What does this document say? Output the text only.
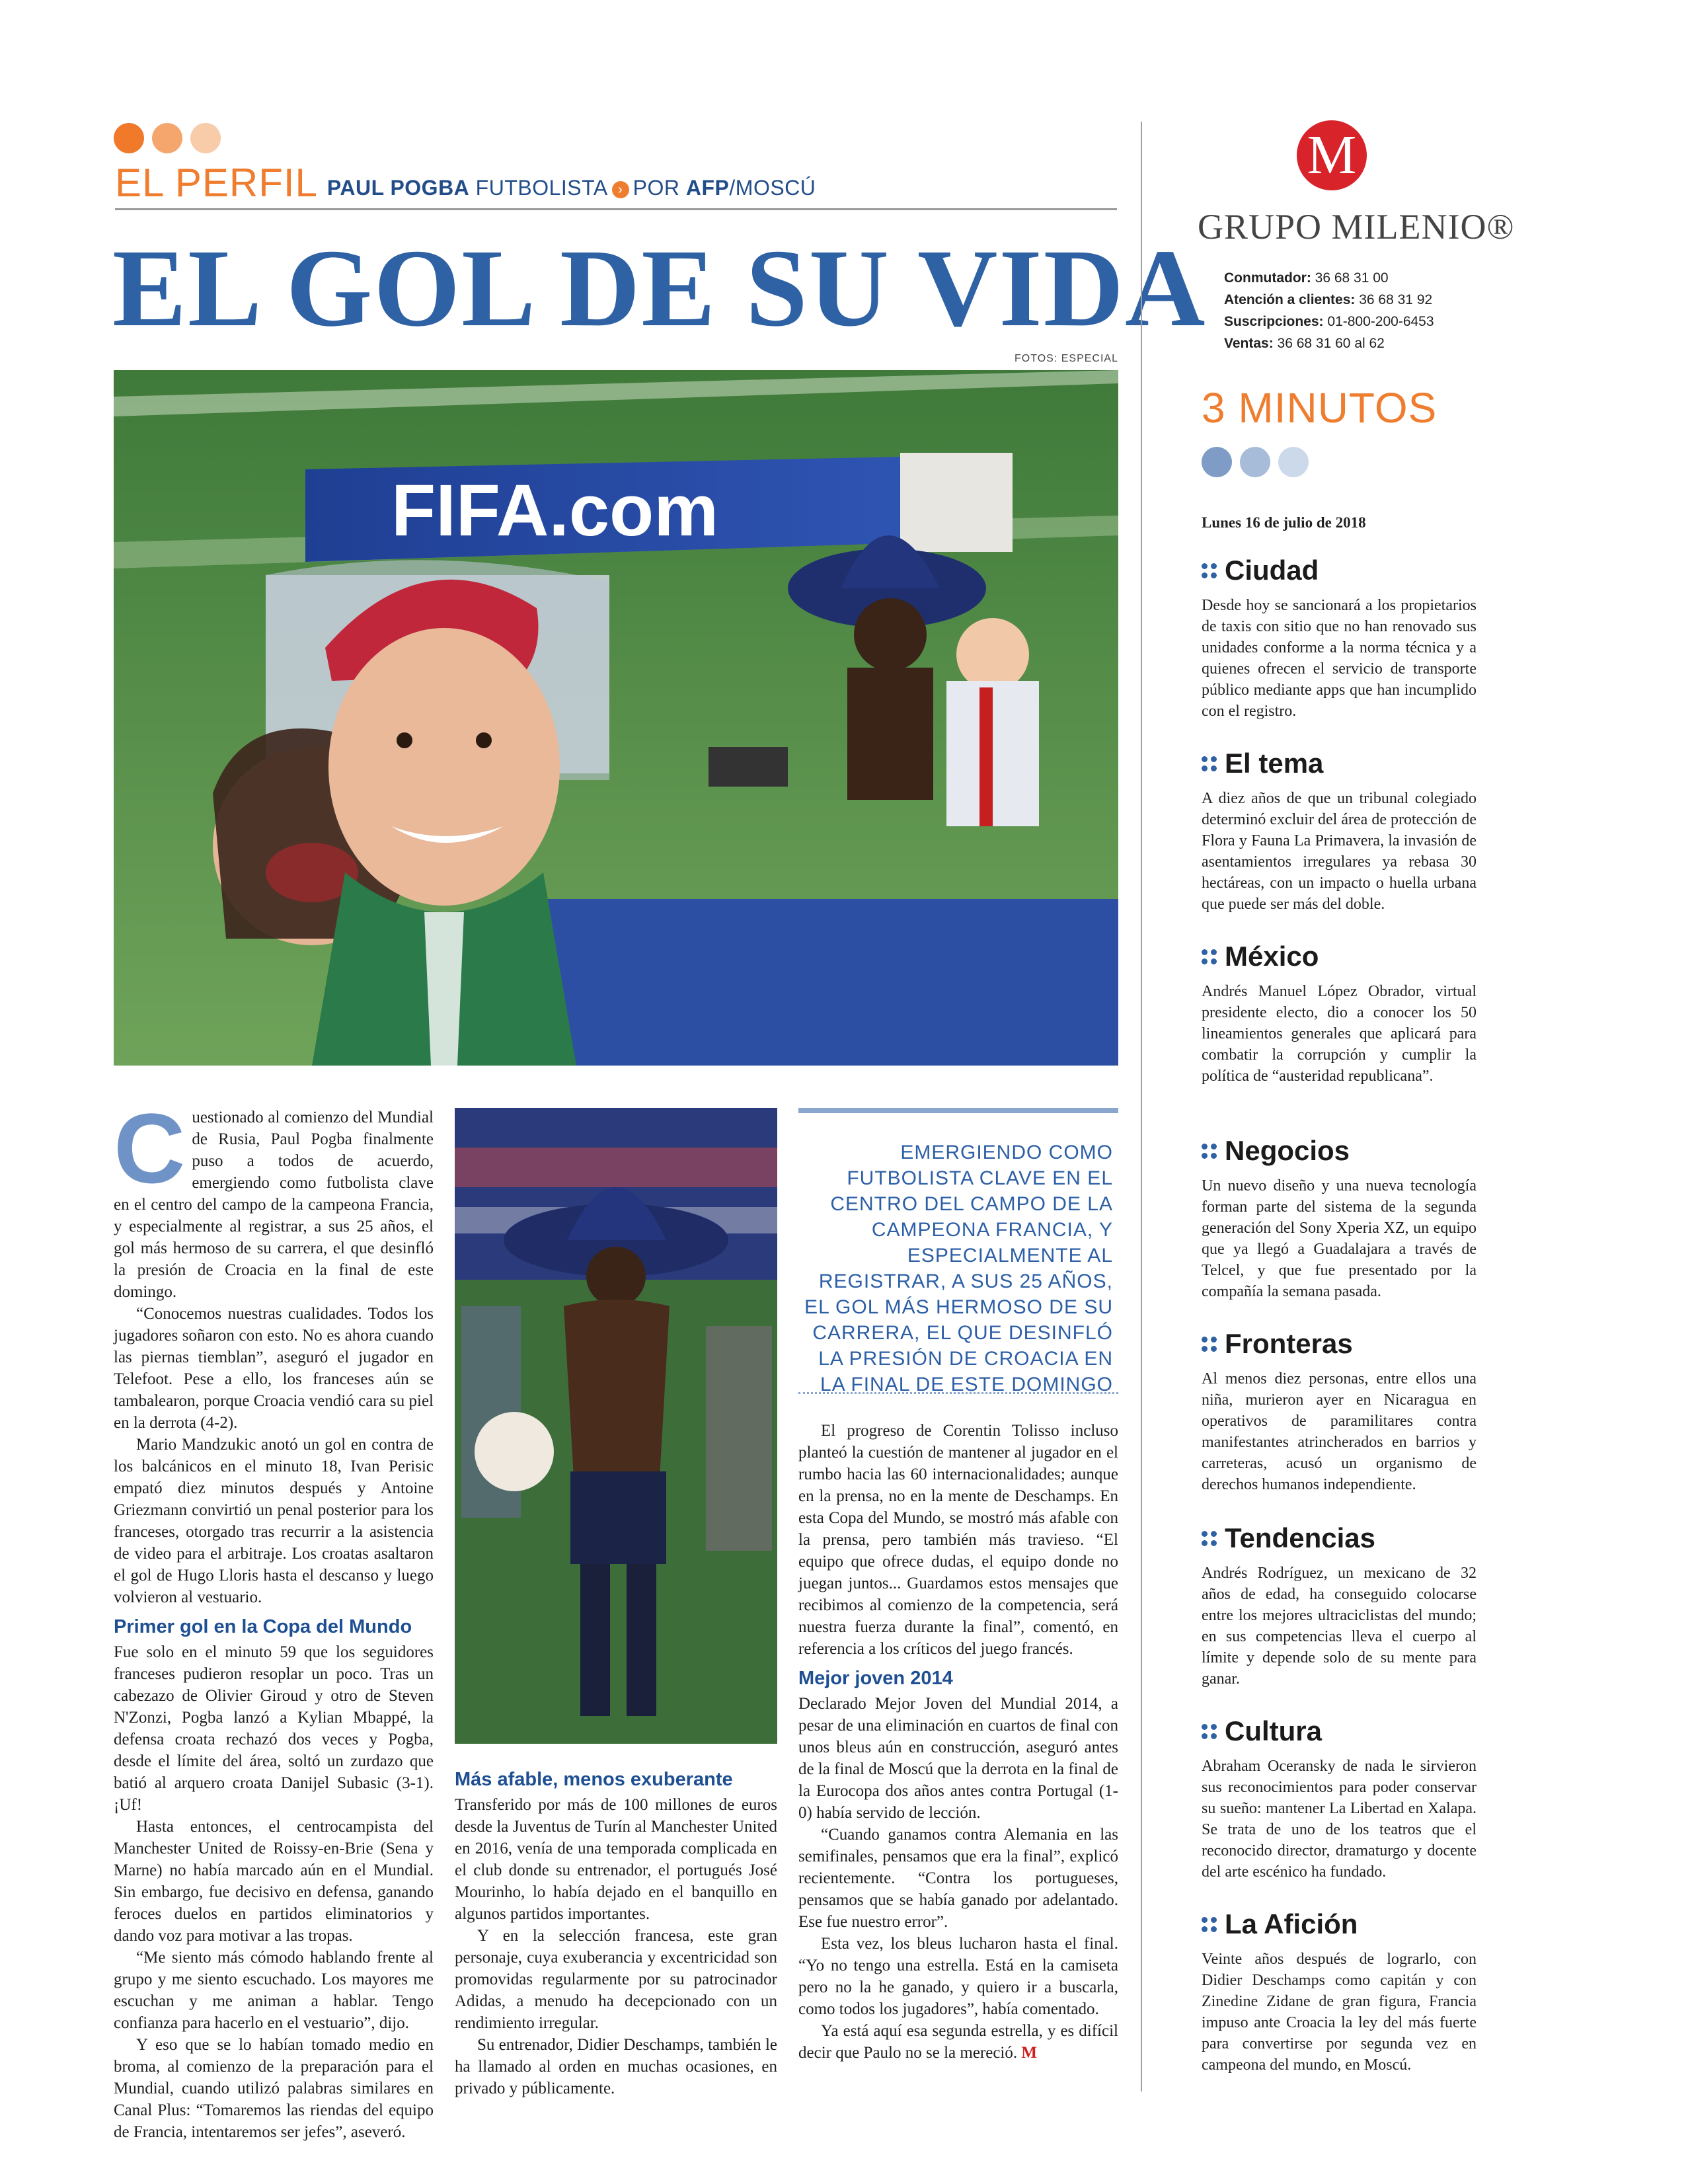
EL PERFIL PAUL POGBA FUTBOLISTA › POR AFP/MOSCÚ
EL GOL DE SU VIDA
FOTOS: ESPECIAL
FIFA.com

Cuestionado al comienzo del Mundial de Rusia, Paul Pogba finalmente puso a todos de acuerdo, emergiendo como futbolista clave en el centro del campo de la campeona Francia, y especialmente al registrar, a sus 25 años, el gol más hermoso de su carrera, el que desinfló la presión de Croacia en la final de este domingo.

“Conocemos nuestras cualidades. Todos los jugadores soñaron con esto. No es ahora cuando las piernas tiemblan”, aseguró el jugador en Telefoot. Pese a ello, los franceses aún se tambalearon, porque Croacia vendió cara su piel en la derrota (4-2).

Mario Mandzukic anotó un gol en contra de los balcánicos en el minuto 18, Ivan Perisic empató diez minutos después y Antoine Griezmann convirtió un penal posterior para los franceses, otorgado tras recurrir a la asistencia de video para el arbitraje. Los croatas asaltaron el gol de Hugo Lloris hasta el descanso y luego volvieron al vestuario.

Primer gol en la Copa del Mundo

Fue solo en el minuto 59 que los seguidores franceses pudieron resoplar un poco. Tras un cabezazo de Olivier Giroud y otro de Steven N'Zonzi, Pogba lanzó a Kylian Mbappé, la defensa croata rechazó dos veces y Pogba, desde el límite del área, soltó un zurdazo que batió al arquero croata Danijel Subasic (3-1). ¡Uf!

Hasta entonces, el centrocampista del Manchester United de Roissy-en-Brie (Sena y Marne) no había marcado aún en el Mundial. Sin embargo, fue decisivo en defensa, ganando feroces duelos en partidos eliminatorios y dando voz para motivar a las tropas.

“Me siento más cómodo hablando frente al grupo y me siento escuchado. Los mayores me escuchan y me animan a hablar. Tengo confianza para hacerlo en el vestuario”, dijo.

Y eso que se lo habían tomado medio en broma, al comienzo de la preparación para el Mundial, cuando utilizó palabras similares en Canal Plus: “Tomaremos las riendas del equipo de Francia, intentaremos ser jefes”, aseveró.

Más afable, menos exuberante

Transferido por más de 100 millones de euros desde la Juventus de Turín al Manchester United en 2016, venía de una temporada complicada en el club donde su entrenador, el portugués José Mourinho, lo había dejado en el banquillo en algunos partidos importantes.

Y en la selección francesa, este gran personaje, cuya exuberancia y excentricidad son promovidas regularmente por su patrocinador Adidas, a menudo ha decepcionado con un rendimiento irregular.

Su entrenador, Didier Deschamps, también le ha llamado al orden en muchas ocasiones, en privado y públicamente.

EMERGIENDO COMO FUTBOLISTA CLAVE EN EL CENTRO DEL CAMPO DE LA CAMPEONA FRANCIA, Y ESPECIALMENTE AL REGISTRAR, A SUS 25 AÑOS, EL GOL MÁS HERMOSO DE SU CARRERA, EL QUE DESINFLÓ LA PRESIÓN DE CROACIA EN LA FINAL DE ESTE DOMINGO

El progreso de Corentin Tolisso incluso planteó la cuestión de mantener al jugador en el rumbo hacia las 60 internacionalidades; aunque en la prensa, no en la mente de Deschamps. En esta Copa del Mundo, se mostró más afable con la prensa, pero también más travieso. “El equipo que ofrece dudas, el equipo donde no juegan juntos... Guardamos estos mensajes que recibimos al comienzo de la competencia, será nuestra fuerza durante la final”, comentó, en referencia a los críticos del juego francés.

Mejor joven 2014

Declarado Mejor Joven del Mundial 2014, a pesar de una eliminación en cuartos de final con unos bleus aún en construcción, aseguró antes de la final de Moscú que la derrota en la final de la Eurocopa dos años antes contra Portugal (1-0) había servido de lección.

“Cuando ganamos contra Alemania en las semifinales, pensamos que era la final”, explicó recientemente. “Contra los portugueses, pensamos que se había ganado por adelantado. Ese fue nuestro error”.

Esta vez, los bleus lucharon hasta el final. “Yo no tengo una estrella. Está en la camiseta pero no la he ganado, y quiero ir a buscarla, como todos los jugadores”, había comentado.

Ya está aquí esa segunda estrella, y es difícil decir que Paulo no se la mereció. M

M
GRUPO MILENIO®
Conmutador: 36 68 31 00
Atención a clientes: 36 68 31 92
Suscripciones: 01-800-200-6453
Ventas: 36 68 31 60 al 62
3 MINUTOS
Lunes 16 de julio de 2018
Ciudad

Desde hoy se sancionará a los propietarios de taxis con sitio que no han renovado sus unidades conforme a la norma técnica y a quienes ofrecen el servicio de transporte público mediante apps que han incumplido con el registro.

El tema

A diez años de que un tribunal colegiado determinó excluir del área de protección de Flora y Fauna La Primavera, la invasión de asentamientos irregulares ya rebasa 30 hectáreas, con un impacto o huella urbana que puede ser más del doble.

México

Andrés Manuel López Obrador, virtual presidente electo, dio a conocer los 50 lineamientos generales que aplicará para combatir la corrupción y cumplir la política de “austeridad republicana”.

Negocios

Un nuevo diseño y una nueva tecnología forman parte del sistema de la segunda generación del Sony Xperia XZ, un equipo que ya llegó a Guadalajara a través de Telcel, y que fue presentado por la compañía la semana pasada.

Fronteras

Al menos diez personas, entre ellos una niña, murieron ayer en Nicaragua en operativos de paramilitares contra manifestantes atrincherados en barrios y carreteras, acusó un organismo de derechos humanos independiente.

Tendencias

Andrés Rodríguez, un mexicano de 32 años de edad, ha conseguido colocarse entre los mejores ultraciclistas del mundo; en sus competencias lleva el cuerpo al límite y depende solo de su mente para ganar.

Cultura

Abraham Oceransky de nada le sirvieron sus reconocimientos para poder conservar su sueño: mantener La Libertad en Xalapa. Se trata de uno de los teatros que el reconocido director, dramaturgo y docente del arte escénico ha fundado.

La Afición

Veinte años después de lograrlo, con Didier Deschamps como capitán y con Zinedine Zidane de gran figura, Francia impuso ante Croacia la ley del más fuerte para convertirse por segunda vez en campeona del mundo, en Moscú.
